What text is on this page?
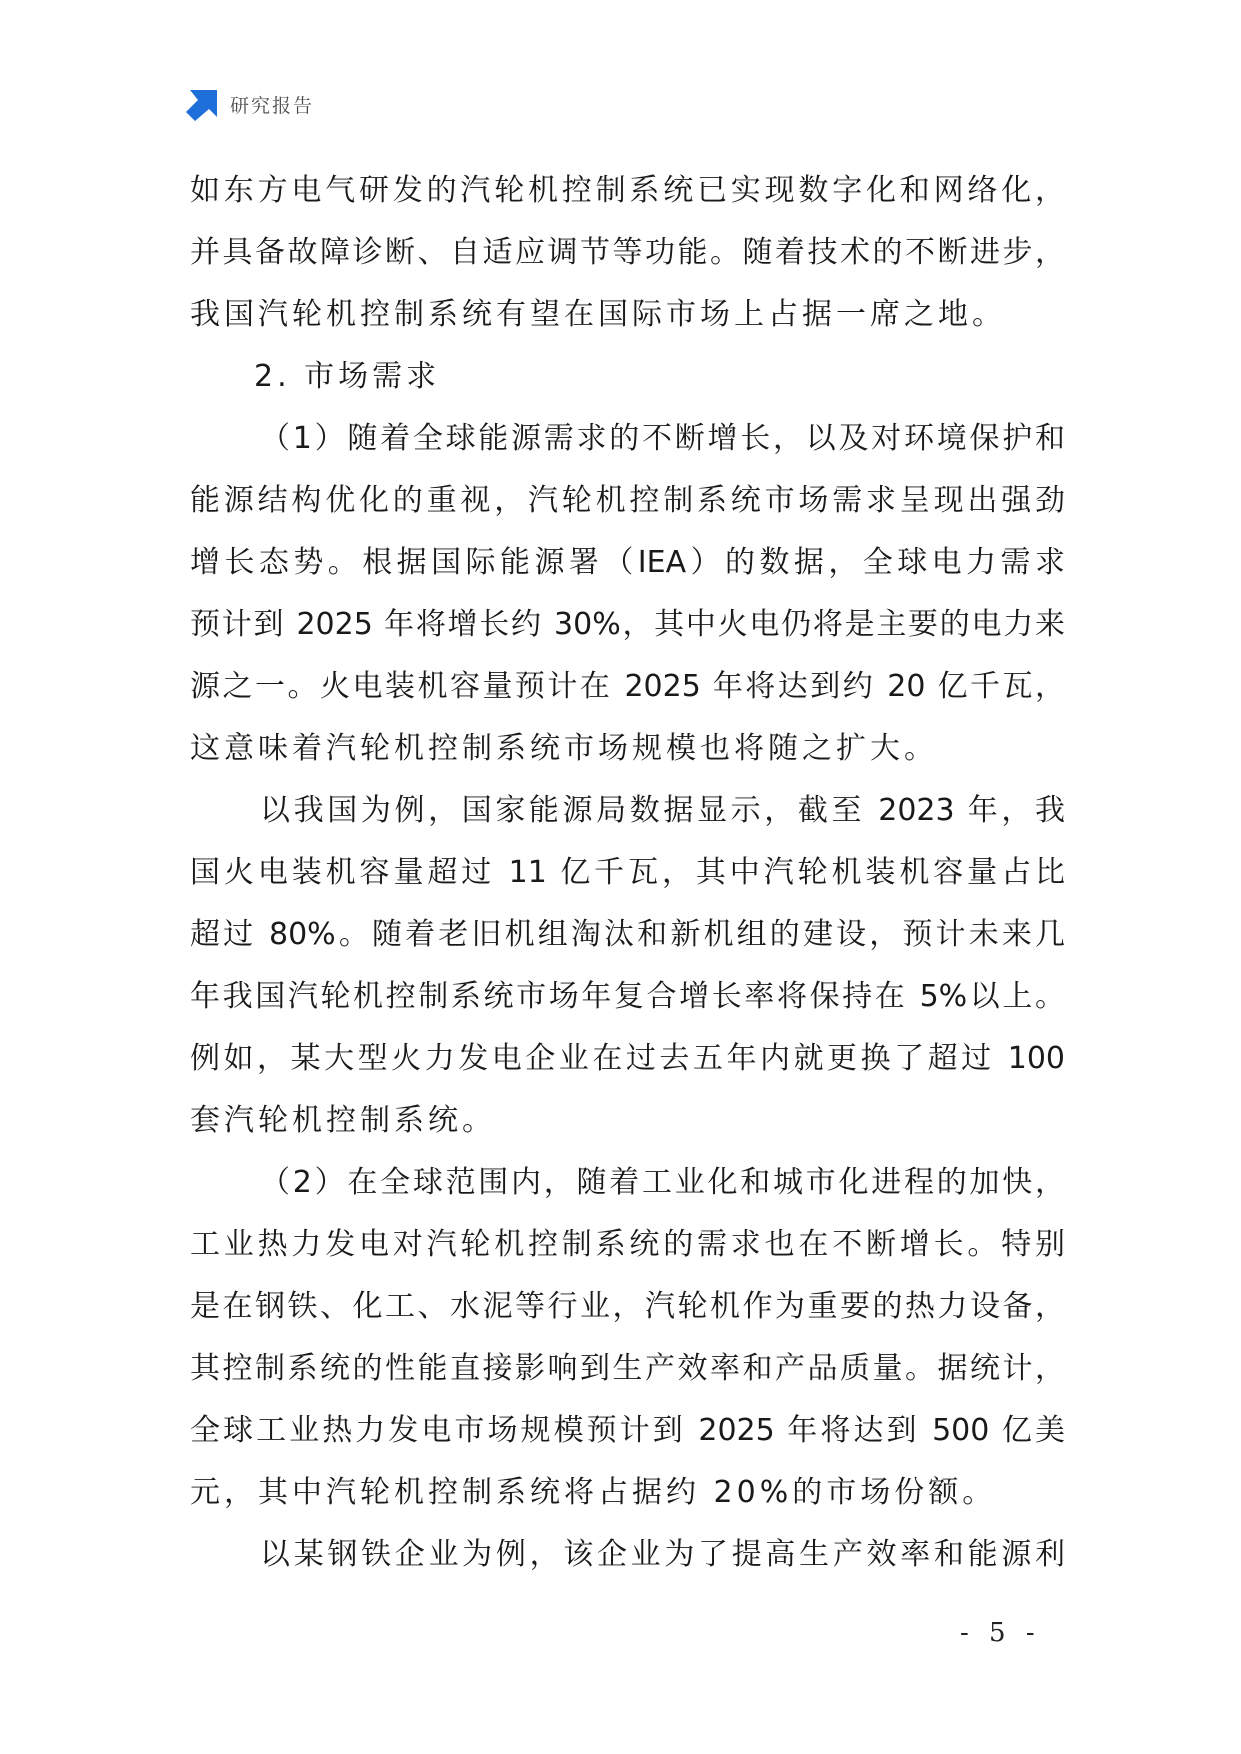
研究报告
如东方电气研发的汽轮机控制系统已实现数字化和网络化，
并具备故障诊断、自适应调节等功能。随着技术的不断进步，
我国汽轮机控制系统有望在国际市场上占据一席之地。
2. 市场需求
（1）随着全球能源需求的不断增长，以及对环境保护和
能源结构优化的重视，汽轮机控制系统市场需求呈现出强劲
增长态势。根据国际能源署（IEA）的数据，全球电力需求
预计到 2025 年将增长约 30%，其中火电仍将是主要的电力来
源之一。火电装机容量预计在 2025 年将达到约 20 亿千瓦，
这意味着汽轮机控制系统市场规模也将随之扩大。
以我国为例，国家能源局数据显示，截至 2023 年，我
国火电装机容量超过 11 亿千瓦，其中汽轮机装机容量占比
超过 80%。随着老旧机组淘汰和新机组的建设，预计未来几
年我国汽轮机控制系统市场年复合增长率将保持在 5%以上。
例如，某大型火力发电企业在过去五年内就更换了超过 100
套汽轮机控制系统。
（2）在全球范围内，随着工业化和城市化进程的加快，
工业热力发电对汽轮机控制系统的需求也在不断增长。特别
是在钢铁、化工、水泥等行业，汽轮机作为重要的热力设备，
其控制系统的性能直接影响到生产效率和产品质量。据统计，
全球工业热力发电市场规模预计到 2025 年将达到 500 亿美
元，其中汽轮机控制系统将占据约 20%的市场份额。
以某钢铁企业为例，该企业为了提高生产效率和能源利
- 5 -
